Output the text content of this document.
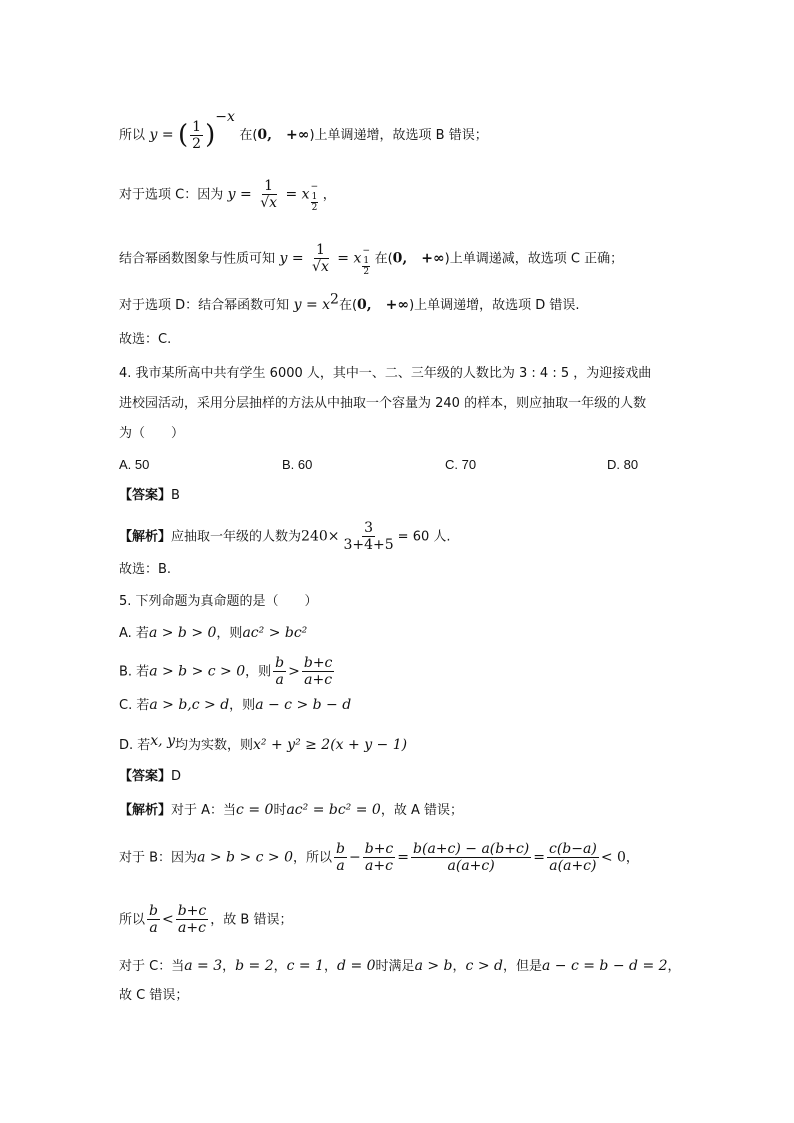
所以 y = ( $\frac{1}{2} )^{-x}$ 在(0,　+∞)上单调递增，故选项 B 错误；
对于选项 C：因为 $y = \frac{1}{√x} = x$ −
$\frac{1}{2}$ ，
结合幂函数图象与性质可知 $y = \frac{1}{√x} = x$ −
$\frac{1}{2}$ 在(0,　+∞)上单调递减，故选项 C 正确；
对于选项 D：结合幂函数可知 $y = x^2$在(0,　+∞)上单调递增，故选项 D 错误.
故选：C.
4. 我市某所高中共有学生 6000 人，其中一、二、三年级的人数比为 3 : 4 : 5 ，为迎接戏曲
进校园活动，采用分层抽样的方法从中抽取一个容量为 240 的样本，则应抽取一年级的人数
为（　　）
A. 50	B. 60	C. 70	D. 80
【答案】B
【解析】应抽取一年级的人数为$240\times \frac{3}{3+4+5} = 60$ 人.
故选：B.
5. 下列命题为真命题的是（　　）
A. 若a > b > 0，则ac² > bc²
B. 若a > b > c > 0，则 $\frac{b}{a} > \frac{b+c}{a+c}$
C. 若a > b,c > d，则a − c > b − d
D. 若x, y均为实数，则x² + y² ≥ 2(x + y − 1)
【答案】D
【解析】对于 A：当c = 0时ac² = bc² = 0，故 A 错误；
对于 B：因为a > b > c > 0，所以 $\frac{b}{a} - \frac{b+c}{a+c} = \frac{b(a+c) - a(b+c)}{a(a+c)} = \frac{c(b-a)}{a(a+c)} < 0$，
所以 $\frac{b}{a} < \frac{b+c}{a+c}$ ，故 B 错误；
对于 C：当a = 3，b = 2，c = 1，d = 0时满足a > b，c > d，但是a − c = b − d = 2，
故 C 错误；
